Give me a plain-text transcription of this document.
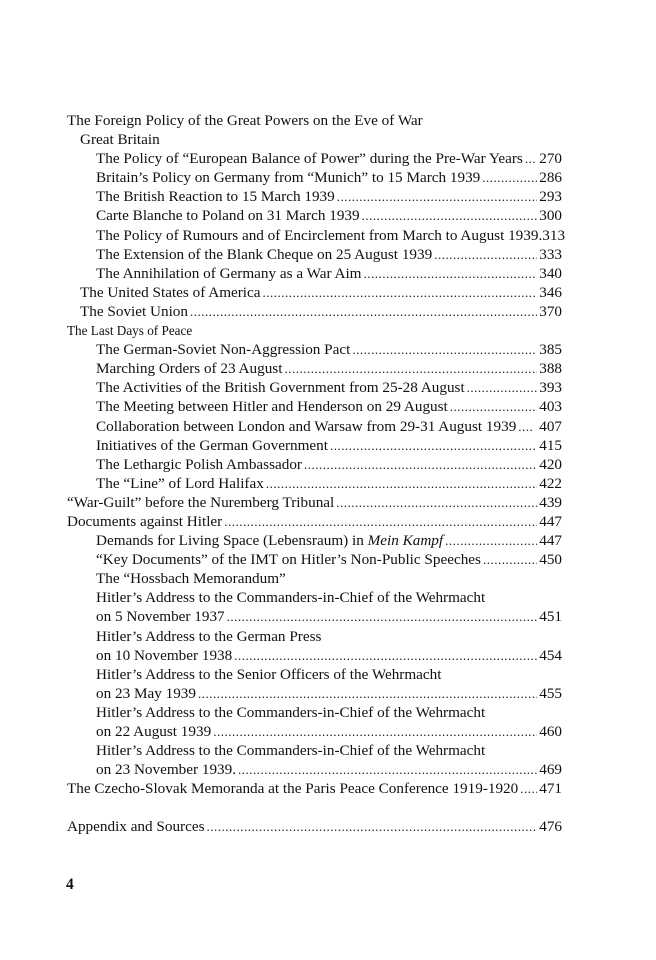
The Foreign Policy of the Great Powers on the Eve of War
Great Britain
The Policy of “European Balance of Power” during the Pre-War Years ..... 270
Britain’s Policy on Germany from “Munich” to 15 March 1939 .....	286
The British Reaction to 15 March 1939 .....	293
Carte Blanche to Poland on 31 March 1939 .....	300
The Policy of Rumours and of Encirclement from March to August 1939 .313
The Extension of the Blank Cheque on 25 August 1939 .....	333
The Annihilation of Germany as a War Aim .....	340
The United States of America .....	346
The Soviet Union .....	370
The Last Days of Peace
The German-Soviet Non-Aggression Pact .....	385
Marching Orders of 23 August .....	388
The Activities of the British Government from 25-28 August .....	393
The Meeting between Hitler and Henderson on 29 August .....	403
Collaboration between London and Warsaw from 29-31 August 1939 ..... 407
Initiatives of the German Government .....	415
The Lethargic Polish Ambassador .....	420
The “Line” of Lord Halifax .....	422
“War-Guilt” before the Nuremberg Tribunal .....	439
Documents against Hitler .....	447
Demands for Living Space (Lebensraum) in Mein Kampf .....	447
“Key Documents” of the IMT on Hitler’s Non-Public Speeches .....	450
The “Hossbach Memorandum”
Hitler’s Address to the Commanders-in-Chief of the Wehrmacht
on 5 November 1937 .....	451
Hitler’s Address to the German Press
on 10 November 1938 .....	454
Hitler’s Address to the Senior Officers of the Wehrmacht
on 23 May 1939 .....	455
Hitler’s Address to the Commanders-in-Chief of the Wehrmacht
on 22 August 1939 .....	460
Hitler’s Address to the Commanders-in-Chief of the Wehrmacht
on 23 November 1939. .....	469
The Czecho-Slovak Memoranda at the Paris Peace Conference 1919-1920 ..... 471
Appendix and Sources .....	476
4
